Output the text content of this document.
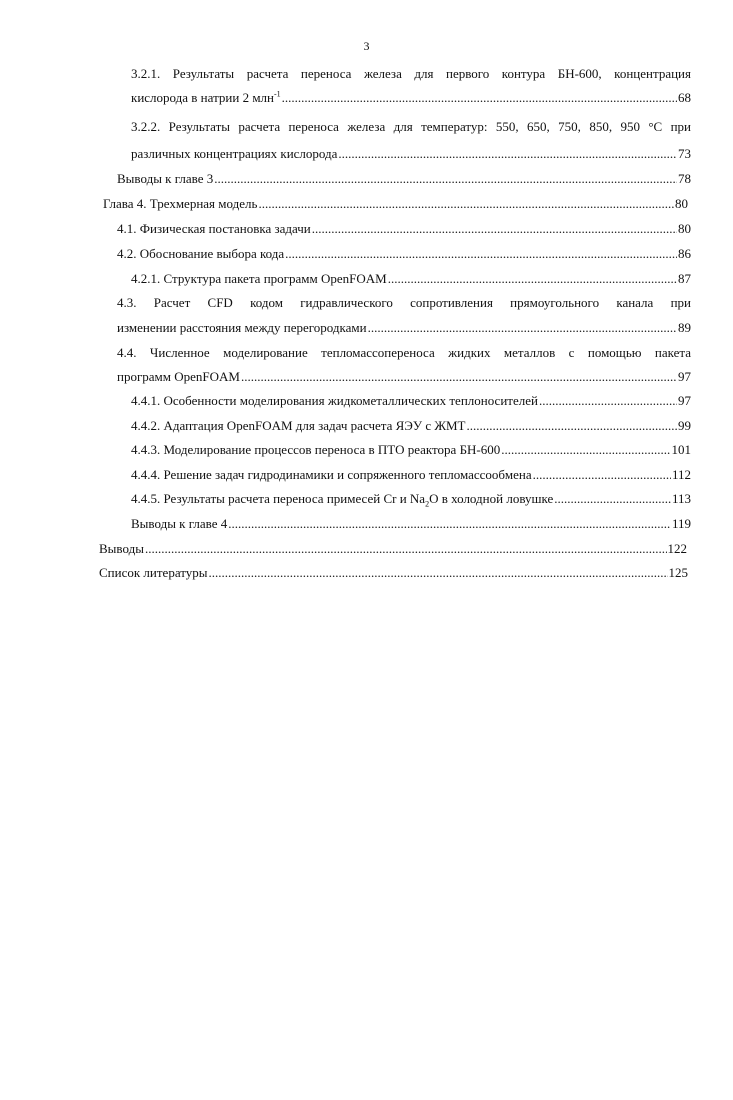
3
3.2.1. Результаты расчета переноса железа для первого контура БН-600, концентрация
кислорода в натрии 2 млн$^{-1}$ .....	68
3.2.2. Результаты расчета переноса железа для температур: 550, 650, 750, 850, 950 °С при
различных концентрациях кислорода .....	73
Выводы к главе 3 .....	78
Глава 4. Трехмерная модель .....	80
4.1. Физическая постановка задачи .....	80
4.2. Обоснование выбора кода .....	86
4.2.1. Структура пакета программ OpenFOAM .....	87
4.3. Расчет CFD кодом гидравлического сопротивления прямоугольного канала при
изменении расстояния между перегородками .....	89
4.4. Численное моделирование тепломассопереноса жидких металлов с помощью пакета
программ OpenFOAM .....	97
4.4.1. Особенности моделирования жидкометаллических теплоносителей .....	97
4.4.2. Адаптация OpenFOAM для задач расчета ЯЭУ с ЖМТ .....	99
4.4.3. Моделирование процессов переноса в ПТО реактора БН-600 .....	101
4.4.4. Решение задач гидродинамики и сопряженного тепломассообмена .....	112
4.4.5. Результаты расчета переноса примесей Cr и $Na_2O$ в холодной ловушке .....	113
Выводы к главе 4 .....	119
Выводы .....	122
Список литературы .....	125
